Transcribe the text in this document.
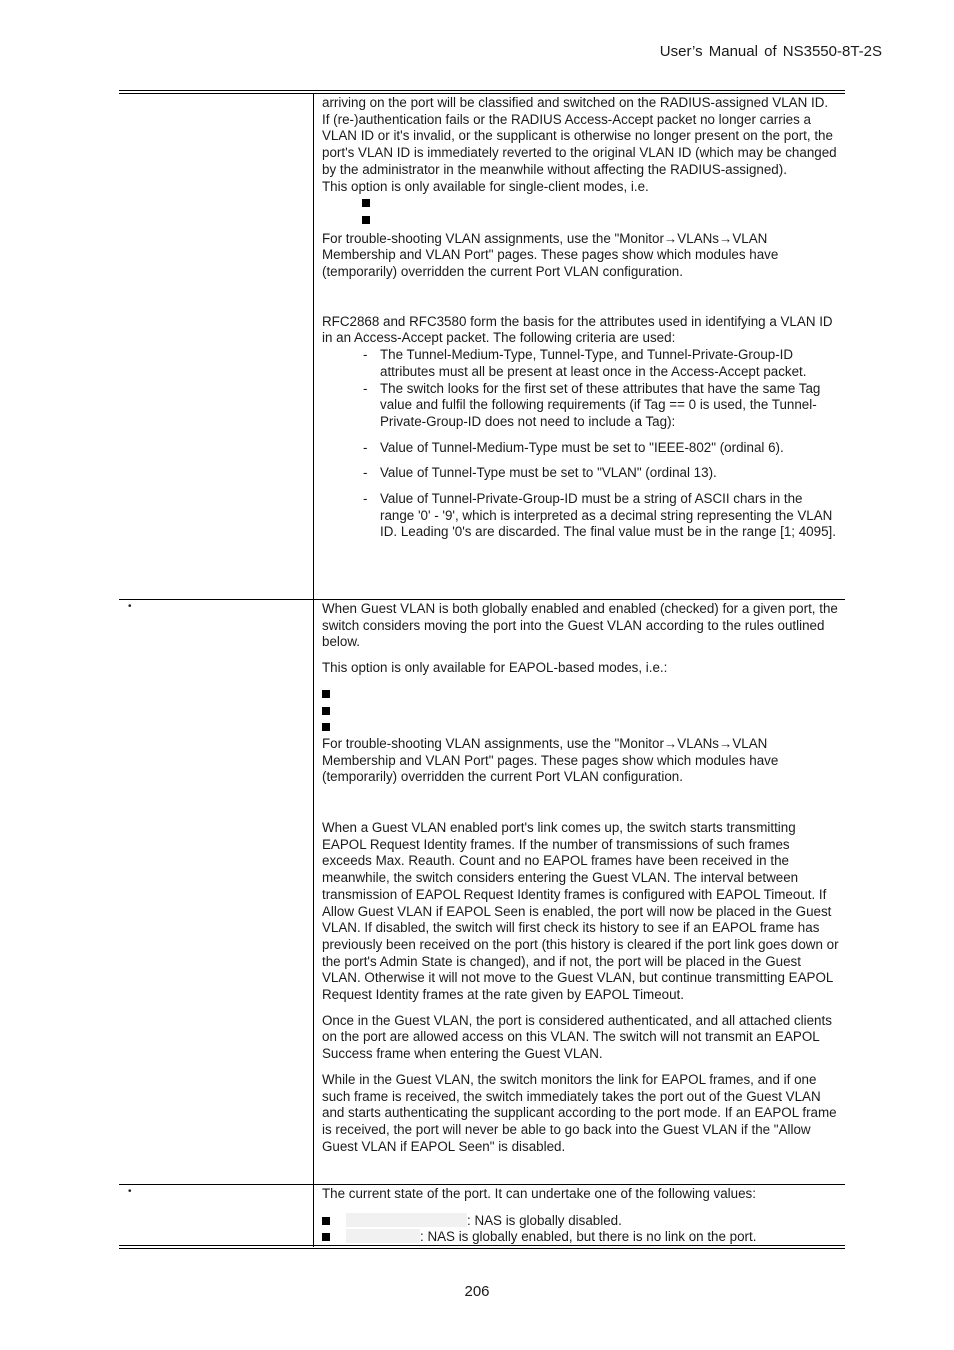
User’s Manual of NS3550-8T-2S

arriving on the port will be classified and switched on the RADIUS-assigned VLAN ID.

If (re-)authentication fails or the RADIUS Access-Accept packet no longer carries a VLAN ID or it's invalid, or the supplicant is otherwise no longer present on the port, the port's VLAN ID is immediately reverted to the original VLAN ID (which may be changed by the administrator in the meanwhile without affecting the RADIUS-assigned).

This option is only available for single-client modes, i.e.

For trouble-shooting VLAN assignments, use the "Monitor→VLANs→VLAN Membership and VLAN Port" pages. These pages show which modules have (temporarily) overridden the current Port VLAN configuration.

RFC2868 and RFC3580 form the basis for the attributes used in identifying a VLAN ID in an Access-Accept packet. The following criteria are used:

- The Tunnel-Medium-Type, Tunnel-Type, and Tunnel-Private-Group-ID attributes must all be present at least once in the Access-Accept packet.

- The switch looks for the first set of these attributes that have the same Tag value and fulfil the following requirements (if Tag == 0 is used, the Tunnel-Private-Group-ID does not need to include a Tag):

- Value of Tunnel-Medium-Type must be set to "IEEE-802" (ordinal 6).

- Value of Tunnel-Type must be set to "VLAN" (ordinal 13).

- Value of Tunnel-Private-Group-ID must be a string of ASCII chars in the range '0' - '9', which is interpreted as a decimal string representing the VLAN ID. Leading '0's are discarded. The final value must be in the range [1; 4095].

•	When Guest VLAN is both globally enabled and enabled (checked) for a given port, the switch considers moving the port into the Guest VLAN according to the rules outlined below.

This option is only available for EAPOL-based modes, i.e.:

For trouble-shooting VLAN assignments, use the "Monitor→VLANs→VLAN Membership and VLAN Port" pages. These pages show which modules have (temporarily) overridden the current Port VLAN configuration.

When a Guest VLAN enabled port's link comes up, the switch starts transmitting EAPOL Request Identity frames. If the number of transmissions of such frames exceeds Max. Reauth. Count and no EAPOL frames have been received in the meanwhile, the switch considers entering the Guest VLAN. The interval between transmission of EAPOL Request Identity frames is configured with EAPOL Timeout. If Allow Guest VLAN if EAPOL Seen is enabled, the port will now be placed in the Guest VLAN. If disabled, the switch will first check its history to see if an EAPOL frame has previously been received on the port (this history is cleared if the port link goes down or the port's Admin State is changed), and if not, the port will be placed in the Guest VLAN. Otherwise it will not move to the Guest VLAN, but continue transmitting EAPOL Request Identity frames at the rate given by EAPOL Timeout.

Once in the Guest VLAN, the port is considered authenticated, and all attached clients on the port are allowed access on this VLAN. The switch will not transmit an EAPOL Success frame when entering the Guest VLAN.

While in the Guest VLAN, the switch monitors the link for EAPOL frames, and if one such frame is received, the switch immediately takes the port out of the Guest VLAN and starts authenticating the supplicant according to the port mode. If an EAPOL frame is received, the port will never be able to go back into the Guest VLAN if the "Allow Guest VLAN if EAPOL Seen" is disabled.

•	The current state of the port. It can undertake one of the following values:

: NAS is globally disabled.

: NAS is globally enabled, but there is no link on the port.

206
